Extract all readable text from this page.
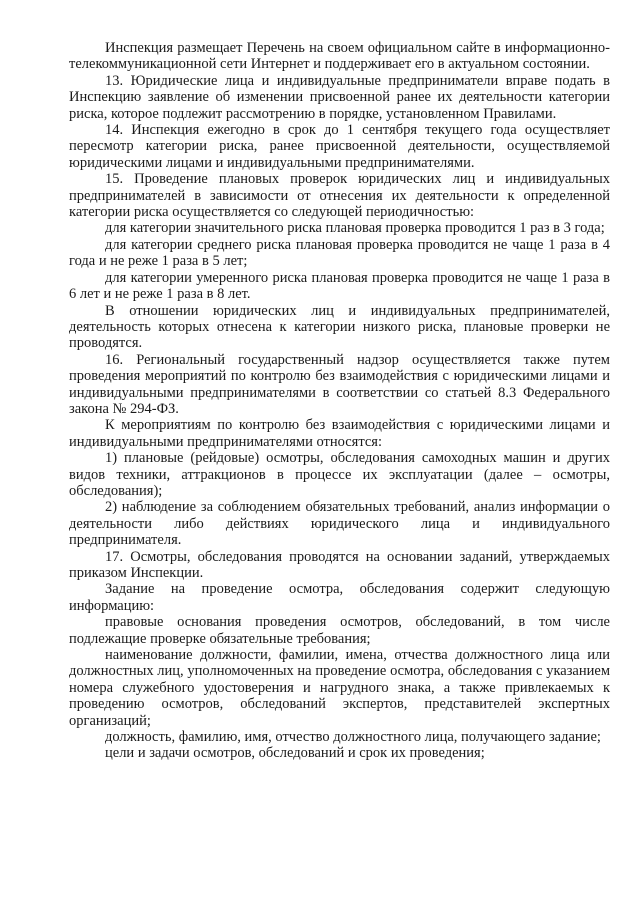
Инспекция размещает Перечень на своем официальном сайте в информационно-телекоммуникационной сети Интернет и поддерживает его в актуальном состоянии.

13. Юридические лица и индивидуальные предприниматели вправе подать в Инспекцию заявление об изменении присвоенной ранее их деятельности категории риска, которое подлежит рассмотрению в порядке, установленном Правилами.

14. Инспекция ежегодно в срок до 1 сентября текущего года осуществляет пересмотр категории риска, ранее присвоенной деятельности, осуществляемой юридическими лицами и индивидуальными предпринимателями.

15. Проведение плановых проверок юридических лиц и индивидуальных предпринимателей в зависимости от отнесения их деятельности к определенной категории риска осуществляется со следующей периодичностью:

для категории значительного риска плановая проверка проводится 1 раз в 3 года;

для категории среднего риска плановая проверка проводится не чаще 1 раза в 4 года и не реже 1 раза в 5 лет;

для категории умеренного риска плановая проверка проводится не чаще 1 раза в 6 лет и не реже 1 раза в 8 лет.

В отношении юридических лиц и индивидуальных предпринимателей, деятельность которых отнесена к категории низкого риска, плановые проверки не проводятся.

16. Региональный государственный надзор осуществляется также путем проведения мероприятий по контролю без взаимодействия с юридическими лицами и индивидуальными предпринимателями в соответствии со статьей 8.3 Федерального закона № 294-ФЗ.

К мероприятиям по контролю без взаимодействия с юридическими лицами и индивидуальными предпринимателями относятся:

1) плановые (рейдовые) осмотры, обследования самоходных машин и других видов техники, аттракционов в процессе их эксплуатации (далее – осмотры, обследования);

2) наблюдение за соблюдением обязательных требований, анализ информации о деятельности либо действиях юридического лица и индивидуального предпринимателя.

17. Осмотры, обследования проводятся на основании заданий, утверждаемых приказом Инспекции.

Задание на проведение осмотра, обследования содержит следующую информацию:

правовые основания проведения осмотров, обследований, в том числе подлежащие проверке обязательные требования;

наименование должности, фамилии, имена, отчества должностного лица или должностных лиц, уполномоченных на проведение осмотра, обследования с указанием номера служебного удостоверения и нагрудного знака, а также привлекаемых к проведению осмотров, обследований экспертов, представителей экспертных организаций;

должность, фамилию, имя, отчество должностного лица, получающего задание;

цели и задачи осмотров, обследований и срок их проведения;
